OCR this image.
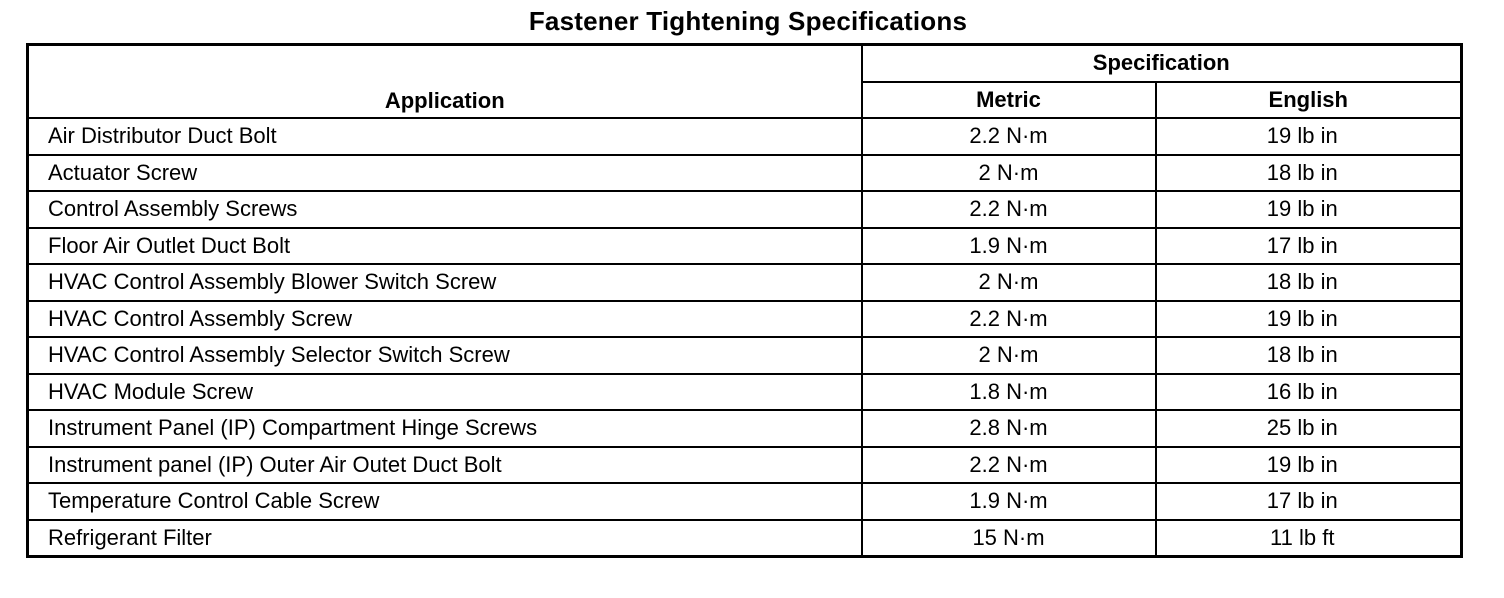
Fastener Tightening Specifications
Application	Specification	
	Metric	English
Air Distributor Duct Bolt	2.2 N·m	19 lb in
Actuator Screw	2 N·m	18 lb in
Control Assembly Screws	2.2 N·m	19 lb in
Floor Air Outlet Duct Bolt	1.9 N·m	17 lb in
HVAC Control Assembly Blower Switch Screw	2 N·m	18 lb in
HVAC Control Assembly Screw	2.2 N·m	19 lb in
HVAC Control Assembly Selector Switch Screw	2 N·m	18 lb in
HVAC Module Screw	1.8 N·m	16 lb in
Instrument Panel (IP) Compartment Hinge Screws	2.8 N·m	25 lb in
Instrument panel (IP) Outer Air Outet Duct Bolt	2.2 N·m	19 lb in
Temperature Control Cable Screw	1.9 N·m	17 lb in
Refrigerant Filter	15 N·m	11 lb ft
